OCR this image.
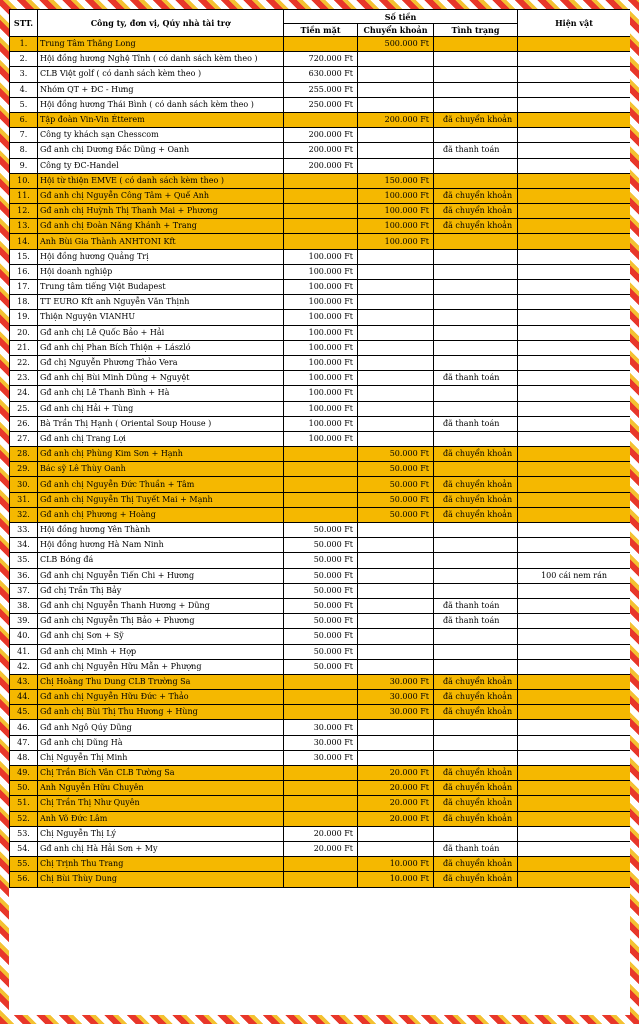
STT.	Công ty, đơn vị, Qúy nhà tài trợ	Số tiền			Hiện vật
		Tiền mặt	Chuyển khoản	Tình trạng	
1.	Trung Tâm Thăng Long		500.000 Ft		
2.	Hội đồng hương Nghệ Tĩnh ( có danh sách kèm theo )	720.000 Ft			
3.	CLB Việt golf ( có danh sách kèm theo )	630.000 Ft			
4.	Nhóm QT + ĐC - Hưng	255.000 Ft			
5.	Hội đồng hương Thái Bình ( có danh sách kèm theo )	250.000 Ft			
6.	Tập đoàn Vin-Vin Étterem		200.000 Ft	đã chuyển khoản	
7.	Công ty khách sạn Chesscom	200.000 Ft			
8.	Gđ anh chị Dương Đắc Dũng + Oanh	200.000 Ft		đã thanh toán	
9.	Công ty ĐC-Handel	200.000 Ft			
10.	Hội từ thiện EMVE ( có danh sách kèm theo )		150.000 Ft		
11.	Gđ anh chị Nguyễn Công Tâm + Quế Anh		100.000 Ft	đã chuyển khoản	
12.	Gđ anh chị Huỳnh Thị Thanh Mai + Phương		100.000 Ft	đã chuyển khoản	
13.	Gđ anh chị Đoàn Năng Khánh + Trang		100.000 Ft	đã chuyển khoản	
14.	Anh Bùi Gia Thành ANHTONI Kft		100.000 Ft		
15.	Hội đồng hương Quảng Trị	100.000 Ft			
16.	Hội doanh nghiệp	100.000 Ft			
17.	Trung tâm tiếng Việt Budapest	100.000 Ft			
18.	TT EURO Kft anh Nguyễn Văn Thịnh	100.000 Ft			
19.	Thiện Nguyện VIANHU	100.000 Ft			
20.	Gđ anh chị Lê Quốc Bảo + Hải	100.000 Ft			
21.	Gđ anh chị Phan Bích Thiện + László	100.000 Ft			
22.	Gđ chị Nguyễn Phương Thảo Vera	100.000 Ft			
23.	Gđ anh chị Bùi Minh Dũng + Nguyệt	100.000 Ft		đã thanh toán	
24.	Gđ anh chị Lê Thanh Bình + Hà	100.000 Ft			
25.	Gđ anh chị Hải + Tùng	100.000 Ft			
26.	Bà Trần Thị Hạnh ( Oriental Soup House )	100.000 Ft		đã thanh toán	
27.	Gđ anh chị Trang Lợi	100.000 Ft			
28.	Gđ anh chị Phùng Kim Sơn + Hạnh		50.000 Ft	đã chuyển khoản	
29.	Bác sỹ Lê Thùy Oanh		50.000 Ft		
30.	Gđ anh chị Nguyễn Đức Thuần + Tâm		50.000 Ft	đã chuyển khoản	
31.	Gđ anh chị Nguyễn Thị Tuyết Mai + Mạnh		50.000 Ft	đã chuyển khoản	
32.	Gđ anh chị Phương + Hoàng		50.000 Ft	đã chuyển khoản	
33.	Hội đồng hương Yên Thành	50.000 Ft			
34.	Hội đồng hương Hà Nam Ninh	50.000 Ft			
35.	CLB Bóng đá	50.000 Ft			
36.	Gđ anh chị Nguyễn Tiến Chi + Hương	50.000 Ft			100 cái nem rán
37.	Gđ chị Trần Thị Bảy	50.000 Ft			
38.	Gđ anh chị Nguyễn Thanh Hương + Dũng	50.000 Ft		đã thanh toán	
39.	Gđ anh chị Nguyễn Thị Bảo + Phương	50.000 Ft		đã thanh toán	
40.	Gđ anh chị Sơn + Sỹ	50.000 Ft			
41.	Gđ anh chị Minh + Hợp	50.000 Ft			
42.	Gđ anh chị Nguyễn Hữu Mẫn + Phượng	50.000 Ft			
43.	Chị Hoàng Thu Dung CLB Trường Sa		30.000 Ft	đã chuyển khoản	
44.	Gđ anh chị Nguyễn Hữu Đức + Thảo		30.000 Ft	đã chuyển khoản	
45.	Gđ anh chị Bùi Thị Thu Hương + Hùng		30.000 Ft	đã chuyển khoản	
46.	Gđ anh Ngô Qúy Dũng	30.000 Ft			
47.	Gđ anh chị Dũng Hà	30.000 Ft			
48.	Chị Nguyễn Thị Minh	30.000 Ft			
49.	Chị Trần Bích Vân CLB Tường Sa		20.000 Ft	đã chuyển khoản	
50.	Anh Nguyễn Hữu Chuyên		20.000 Ft	đã chuyển khoản	
51.	Chị Trần Thị Như Quyên		20.000 Ft	đã chuyển khoản	
52.	Anh Võ Đức Lâm		20.000 Ft	đã chuyển khoản	
53.	Chị Nguyễn Thị Lý	20.000 Ft			
54.	Gđ anh chị Hà Hải Sơn + My	20.000 Ft		đã thanh toán	
55.	Chị Trịnh Thu Trang		10.000 Ft	đã chuyển khoản	
56.	Chị Bùi Thùy Dung		10.000 Ft	đã chuyển khoản	
